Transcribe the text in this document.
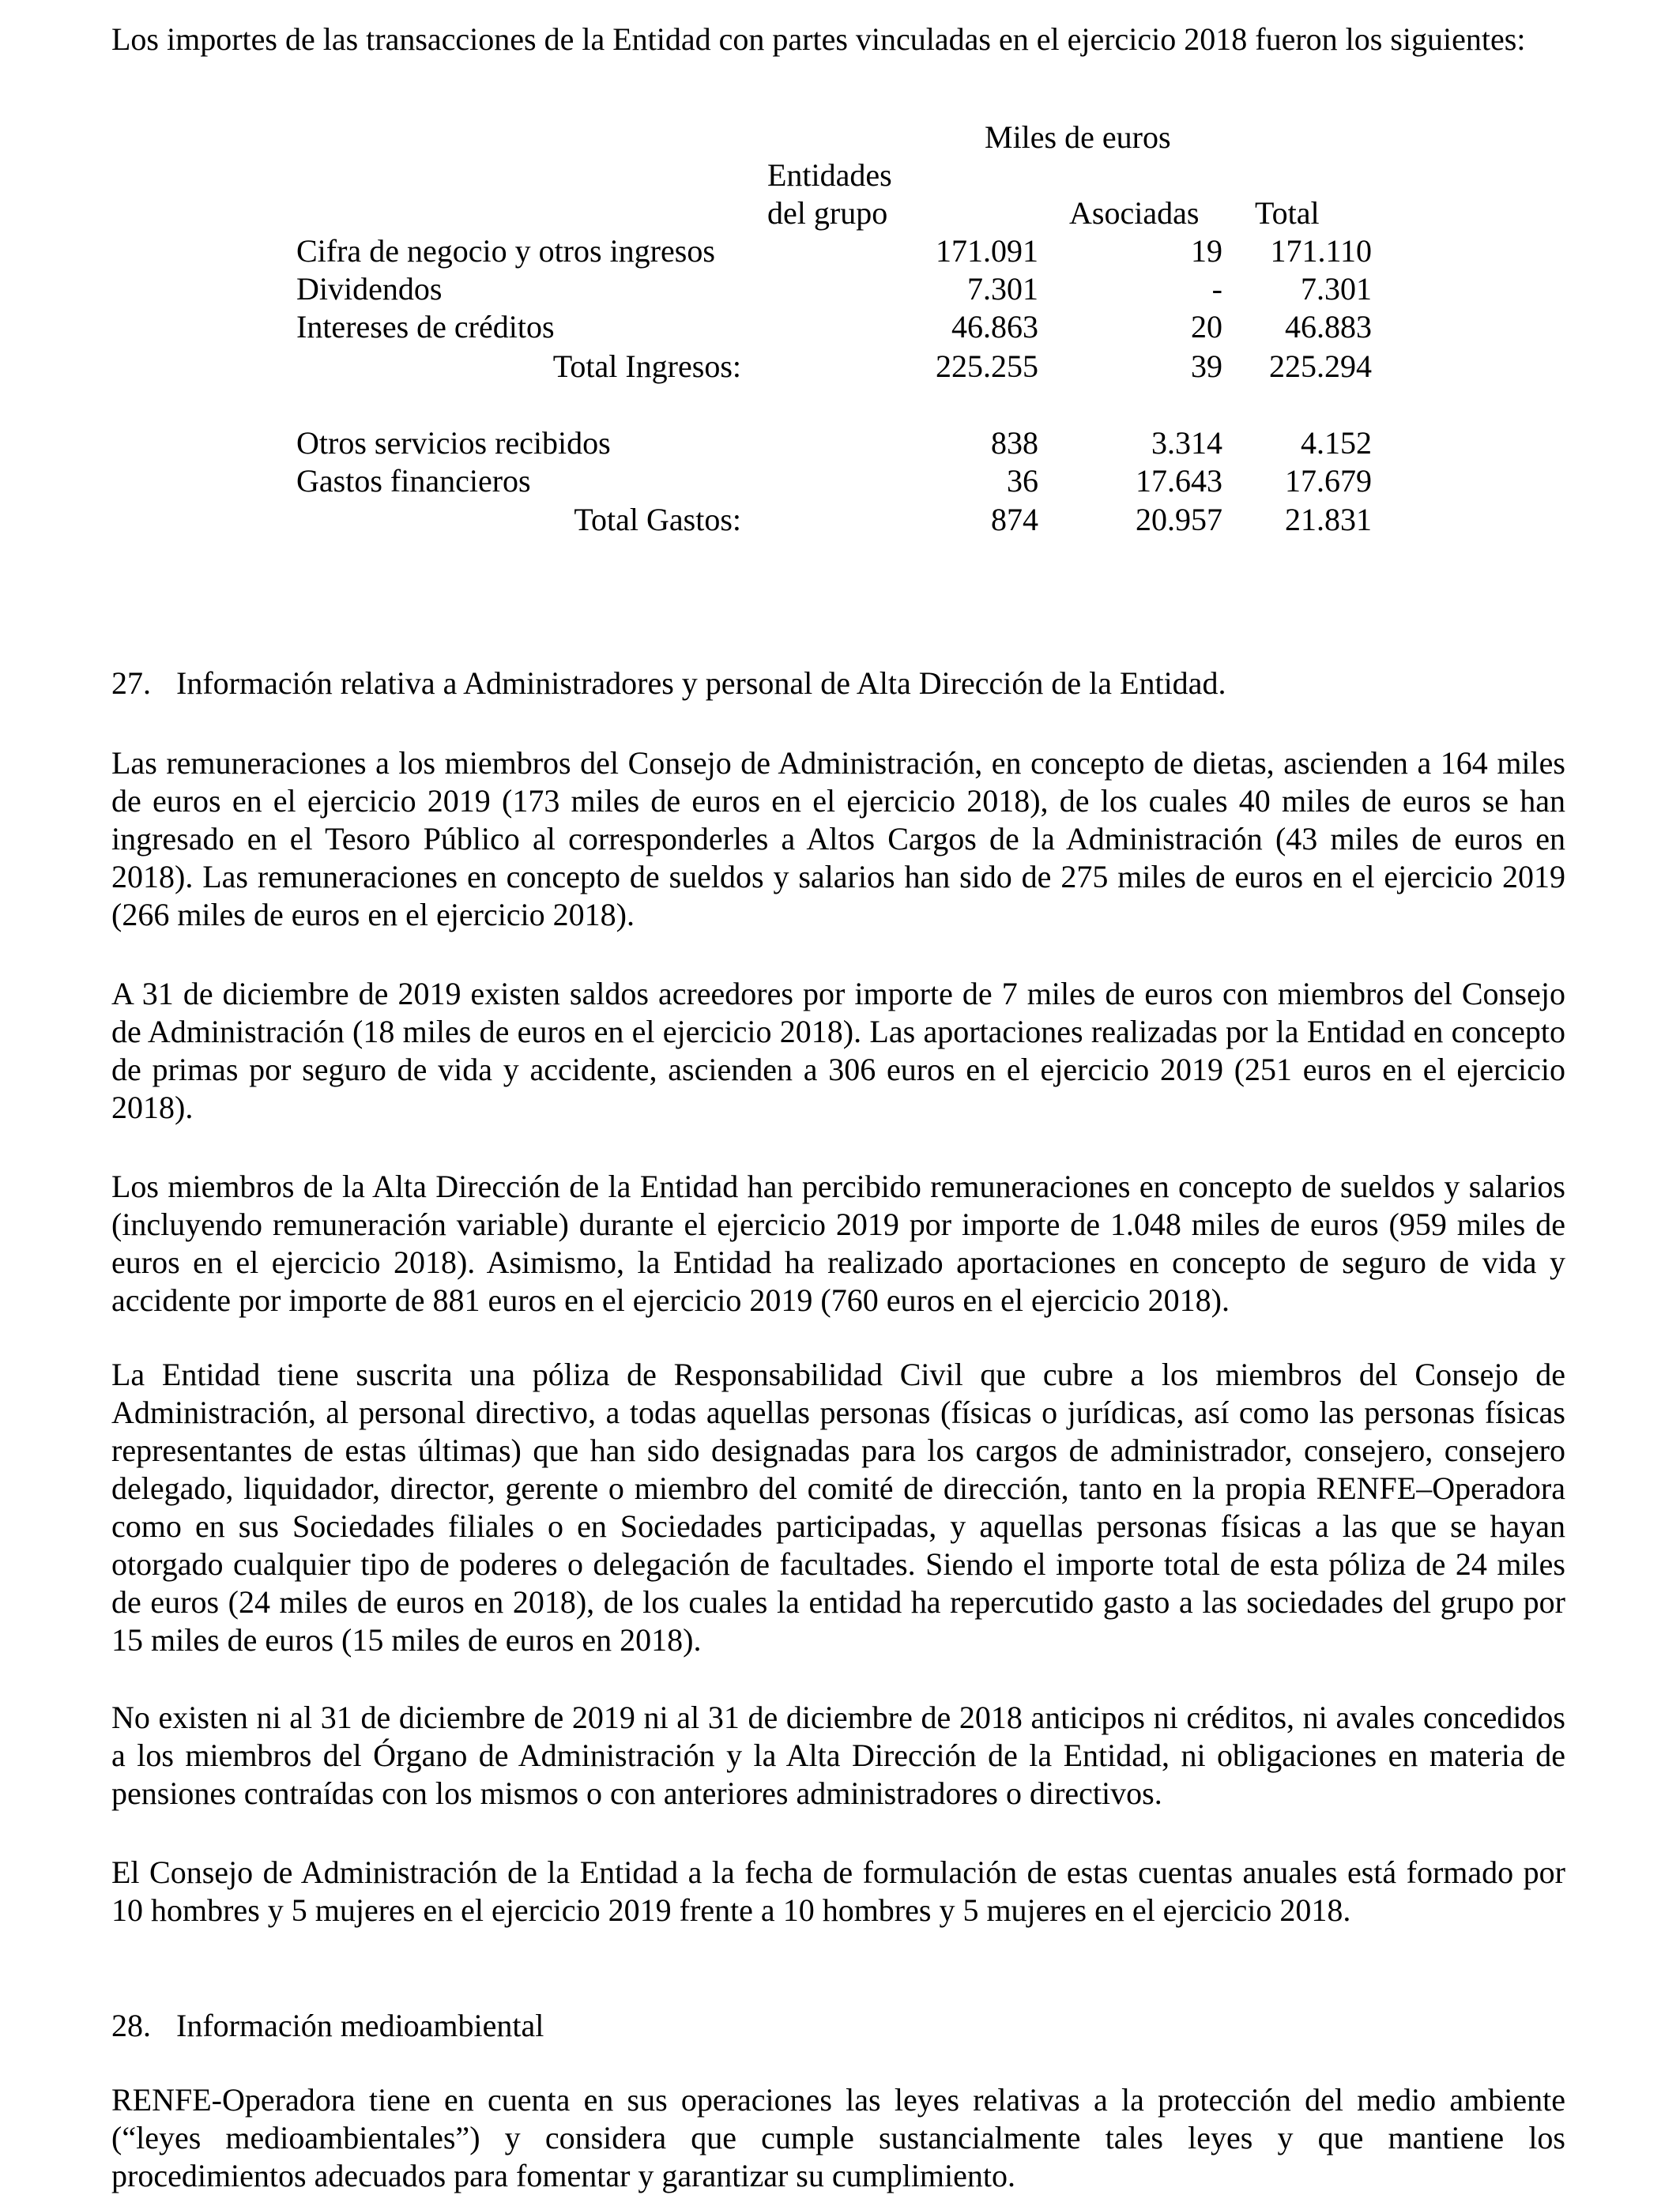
Los importes de las transacciones de la Entidad con partes vinculadas en el ejercicio 2018 fueron los siguientes:

Miles de euros
Entidades
del grupo	Asociadas Total
Cifra de negocio y otros ingresos	171.091	19 171.110
Dividendos	7.301	- 7.301
Intereses de créditos	46.863	20 46.883
Total Ingresos:	225.255	39 225.294
Otros servicios recibidos	838	3.314 4.152
Gastos financieros	36	17.643 17.679
Total Gastos:	874	20.957 21.831
27. Información relativa a Administradores y personal de Alta Dirección de la Entidad.

Las remuneraciones a los miembros del Consejo de Administración, en concepto de dietas, ascienden a 164 miles de euros en el ejercicio 2019 (173 miles de euros en el ejercicio 2018), de los cuales 40 miles de euros se han ingresado en el Tesoro Público al corresponderles a Altos Cargos de la Administración (43 miles de euros en 2018). Las remuneraciones en concepto de sueldos y salarios han sido de 275 miles de euros en el ejercicio 2019 (266 miles de euros en el ejercicio 2018).

A 31 de diciembre de 2019 existen saldos acreedores por importe de 7 miles de euros con miembros del Consejo de Administración (18 miles de euros en el ejercicio 2018). Las aportaciones realizadas por la Entidad en concepto de primas por seguro de vida y accidente, ascienden a 306 euros en el ejercicio 2019 (251 euros en el ejercicio 2018).

Los miembros de la Alta Dirección de la Entidad han percibido remuneraciones en concepto de sueldos y salarios (incluyendo remuneración variable) durante el ejercicio 2019 por importe de 1.048 miles de euros (959 miles de euros en el ejercicio 2018). Asimismo, la Entidad ha realizado aportaciones en concepto de seguro de vida y accidente por importe de 881 euros en el ejercicio 2019 (760 euros en el ejercicio 2018).

La Entidad tiene suscrita una póliza de Responsabilidad Civil que cubre a los miembros del Consejo de Administración, al personal directivo, a todas aquellas personas (físicas o jurídicas, así como las personas físicas representantes de estas últimas) que han sido designadas para los cargos de administrador, consejero, consejero delegado, liquidador, director, gerente o miembro del comité de dirección, tanto en la propia RENFE–Operadora como en sus Sociedades filiales o en Sociedades participadas, y aquellas personas físicas a las que se hayan otorgado cualquier tipo de poderes o delegación de facultades. Siendo el importe total de esta póliza de 24 miles de euros (24 miles de euros en 2018), de los cuales la entidad ha repercutido gasto a las sociedades del grupo por 15 miles de euros (15 miles de euros en 2018).

No existen ni al 31 de diciembre de 2019 ni al 31 de diciembre de 2018 anticipos ni créditos, ni avales concedidos a los miembros del Órgano de Administración y la Alta Dirección de la Entidad, ni obligaciones en materia de pensiones contraídas con los mismos o con anteriores administradores o directivos.

El Consejo de Administración de la Entidad a la fecha de formulación de estas cuentas anuales está formado por 10 hombres y 5 mujeres en el ejercicio 2019 frente a 10 hombres y 5 mujeres en el ejercicio 2018.

28. Información medioambiental

RENFE-Operadora tiene en cuenta en sus operaciones las leyes relativas a la protección del medio ambiente (“leyes medioambientales”) y considera que cumple sustancialmente tales leyes y que mantiene los procedimientos adecuados para fomentar y garantizar su cumplimiento.
